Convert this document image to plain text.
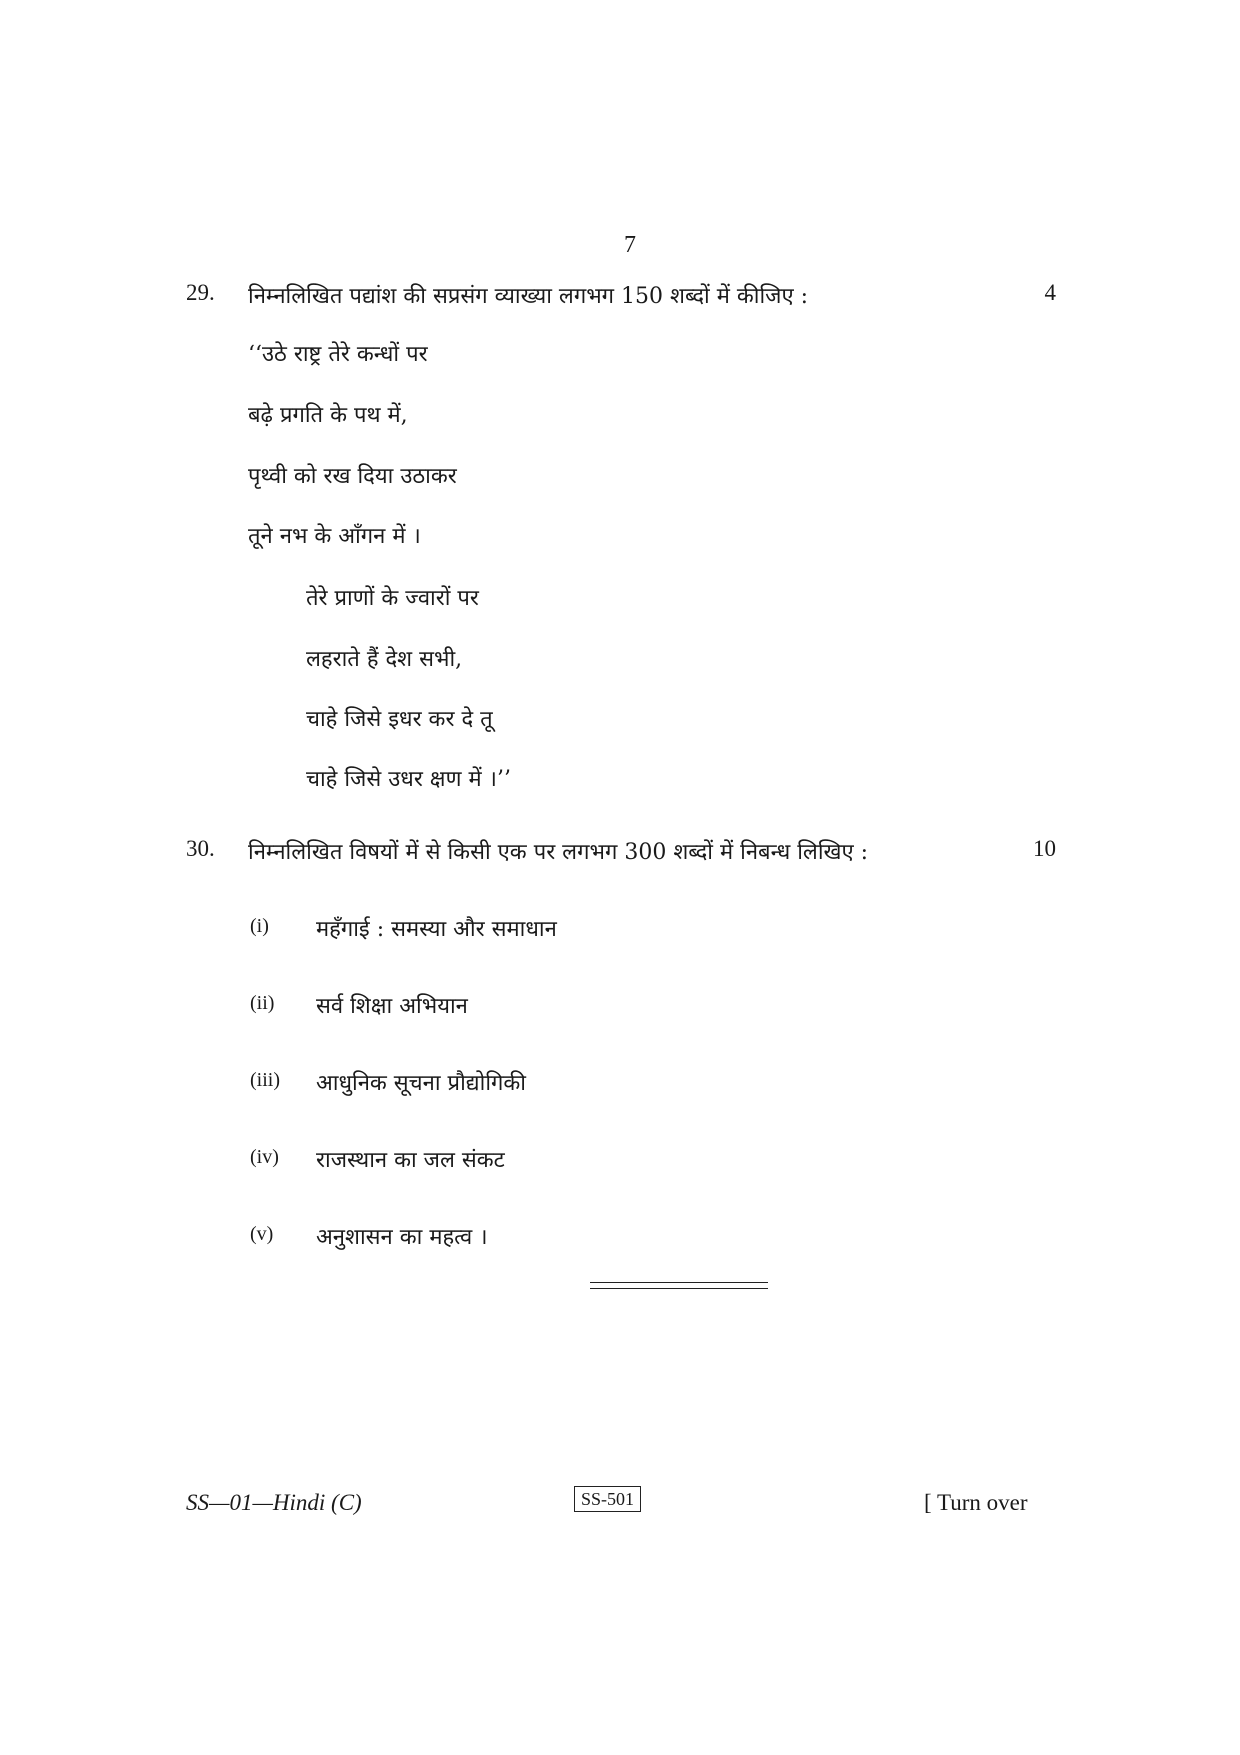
7
29. निम्नलिखित पद्यांश की सप्रसंग व्याख्या लगभग 150 शब्दों में कीजिए :	4
‘‘उठे राष्ट्र तेरे कन्धों पर
बढ़े प्रगति के पथ में,
पृथ्वी को रख दिया उठाकर
तूने नभ के आँगन में ।
तेरे प्राणों के ज्वारों पर
लहराते हैं देश सभी,
चाहे जिसे इधर कर दे तू
चाहे जिसे उधर क्षण में ।’’
30. निम्नलिखित विषयों में से किसी एक पर लगभग 300 शब्दों में निबन्ध लिखिए :	10
(i) महँगाई : समस्या और समाधान
(ii) सर्व शिक्षा अभियान
(iii) आधुनिक सूचना प्रौद्योगिकी
(iv) राजस्थान का जल संकट
(v) अनुशासन का महत्व ।
SS—01—Hindi (C)	SS-501	[ Turn over
